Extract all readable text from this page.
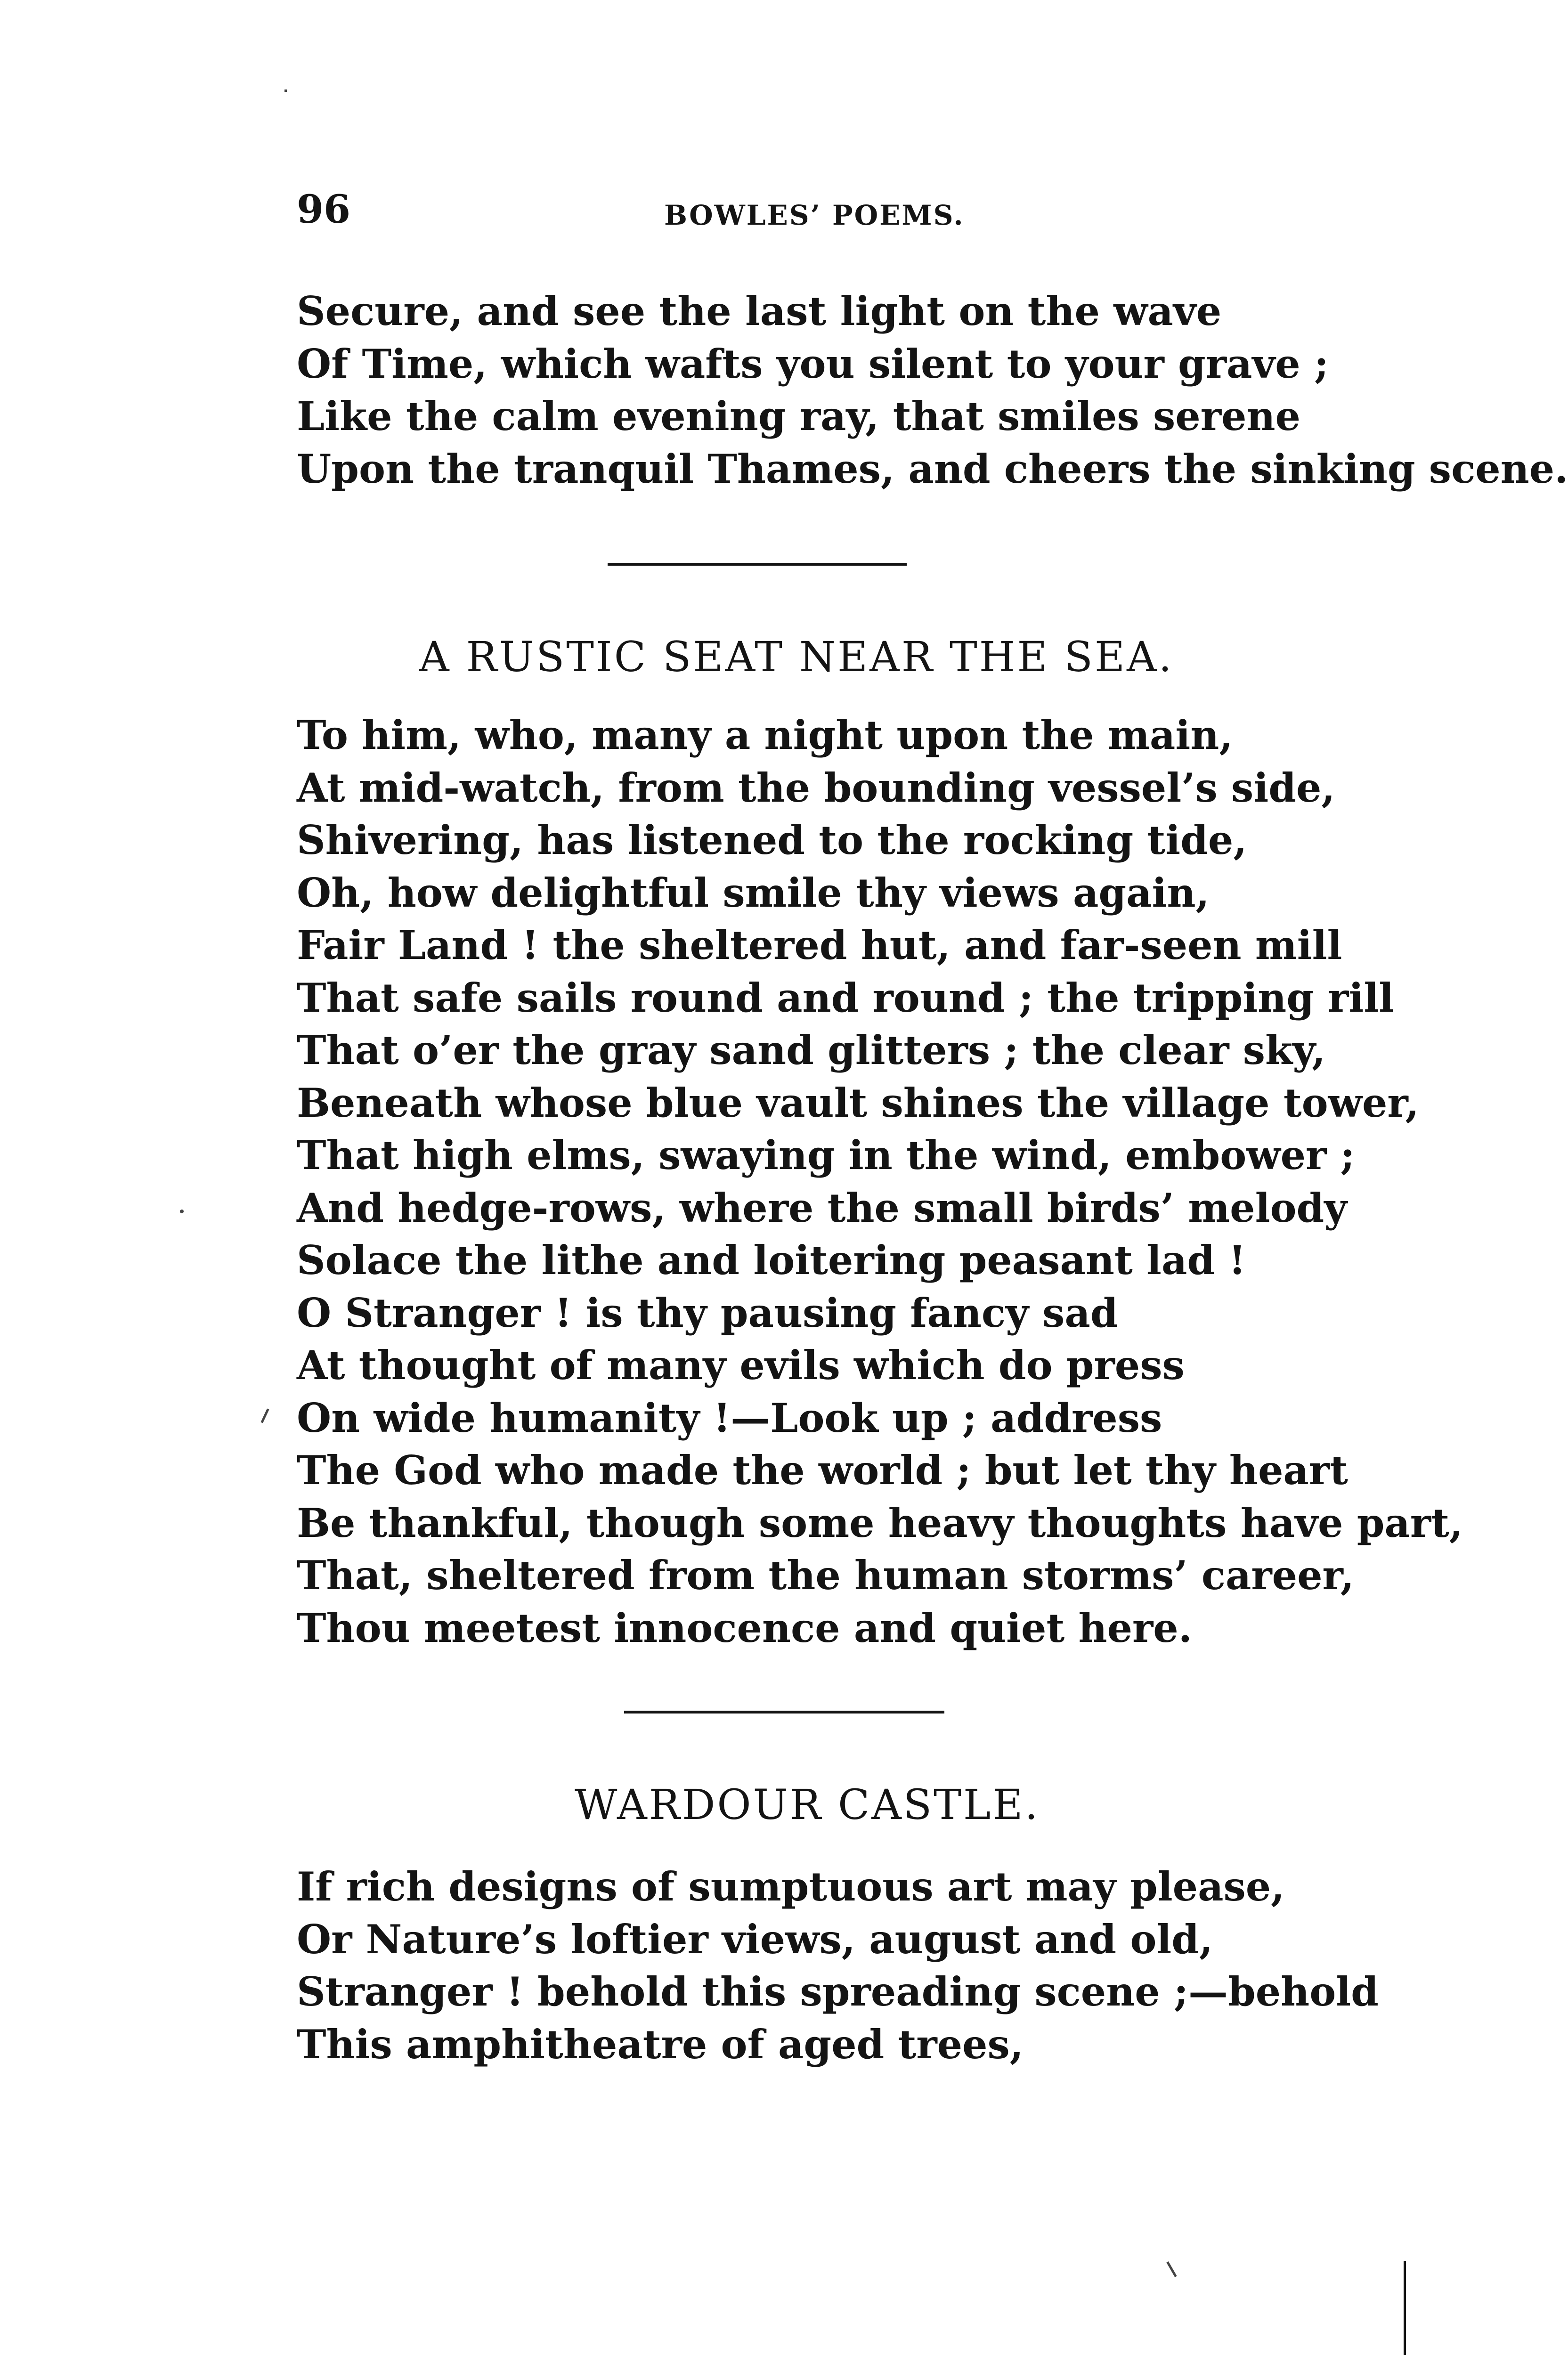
96	BOWLES’ POEMS.
Secure, and see the last light on the wave
Of Time, which wafts you silent to your grave ;
Like the calm evening ray, that smiles serene
Upon the tranquil Thames, and cheers the sinking scene.
A RUSTIC SEAT NEAR THE SEA.
To him, who, many a night upon the main,
At mid-watch, from the bounding vessel’s side,
Shivering, has listened to the rocking tide,
Oh, how delightful smile thy views again,
Fair Land ! the sheltered hut, and far-seen mill
That safe sails round and round ; the tripping rill
That o’er the gray sand glitters ; the clear sky,
Beneath whose blue vault shines the village tower,
That high elms, swaying in the wind, embower ;
And hedge-rows, where the small birds’ melody
Solace the lithe and loitering peasant lad !
O Stranger ! is thy pausing fancy sad
At thought of many evils which do press
On wide humanity !—Look up ; address
The God who made the world ; but let thy heart
Be thankful, though some heavy thoughts have part,
That, sheltered from the human storms’ career,
Thou meetest innocence and quiet here.
WARDOUR CASTLE.
If rich designs of sumptuous art may please,
Or Nature’s loftier views, august and old,
Stranger ! behold this spreading scene ;—behold
This amphitheatre of aged trees,
